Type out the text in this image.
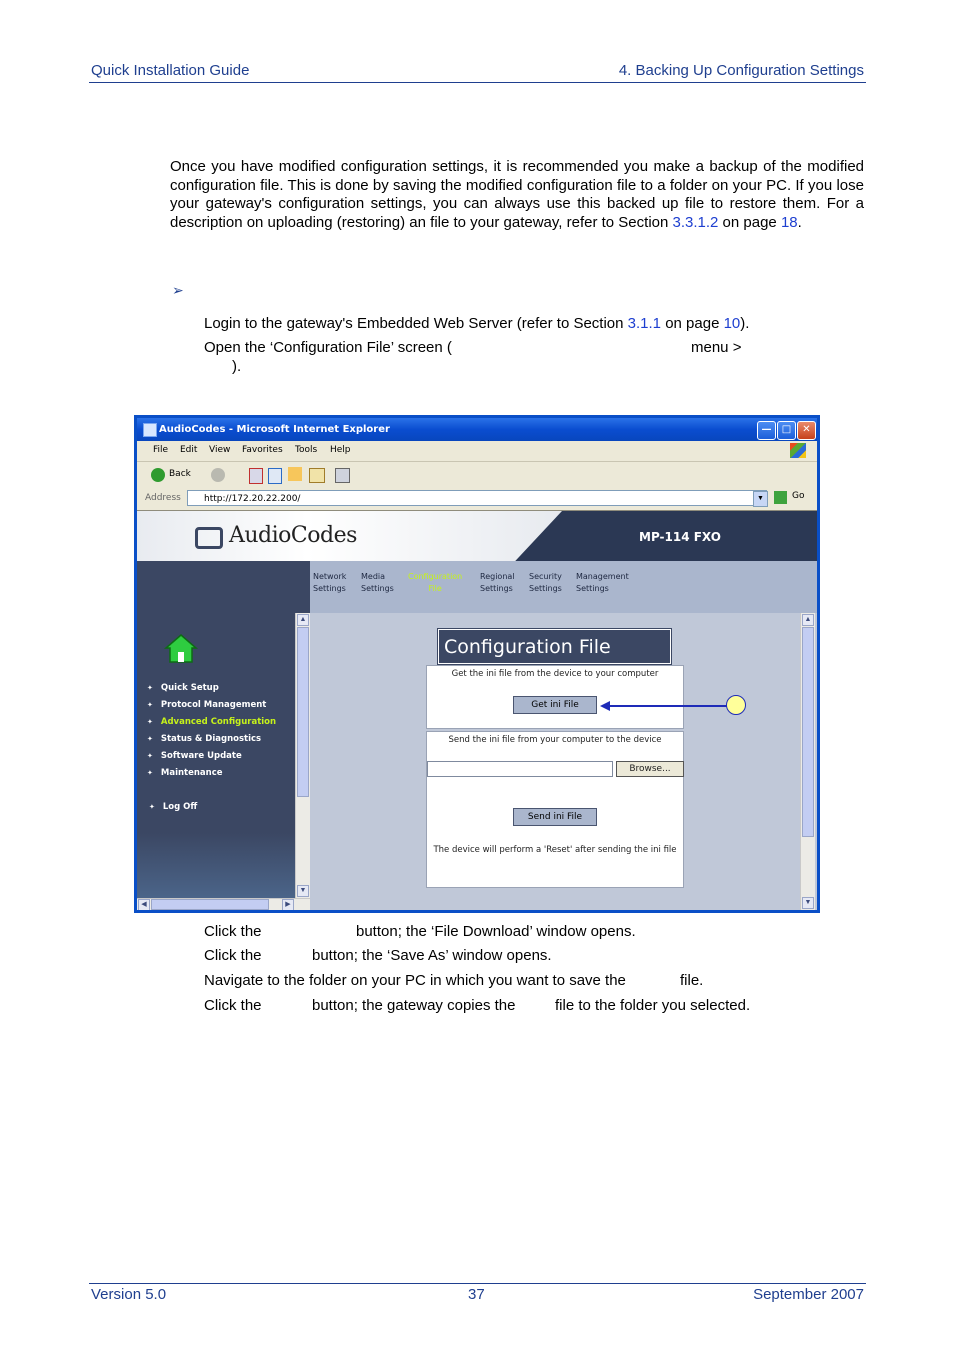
Quick Installation Guide	4. Backing Up Configuration Settings
Once you have modified configuration settings, it is recommended you make a backup of the modified configuration file. This is done by saving the modified configuration file to a folder on your PC. If you lose your gateway's configuration settings, you can always use this backed up file to restore them. For a description on uploading (restoring) an file to your gateway, refer to Section 3.3.1.2 on page 18.
➢
Login to the gateway's Embedded Web Server (refer to Section 3.1.1 on page 10).
Open the ‘Configuration File’ screen (	menu >
).
AudioCodes - Microsoft Internet Explorer	—	□	✕
File Edit View Favorites Tools Help
Back
Address	http://172.20.22.200/	▼	Go
AudioCodes	MP-114 FXO
Network
Settings
Media
Settings
Configuration
File
Regional
Settings
Security
Settings
Management
Settings
✦ Quick Setup
✦ Protocol Management
✦ Advanced Configuration
✦ Status & Diagnostics
✦ Software Update
✦ Maintenance
✦ Log Off
▲
▼
◀	▶
Configuration File
Get the ini file from the device to your computer
Get ini File
Send the ini file from your computer to the device
Browse...
Send ini File
The device will perform a 'Reset' after sending the ini file
▲
▼
Click the	button; the ‘File Download’ window opens.
Click the	button; the ‘Save As’ window opens.
Navigate to the folder on your PC in which you want to save the	file.
Click the	button; the gateway copies the	file to the folder you selected.
Version 5.0	37	September 2007
